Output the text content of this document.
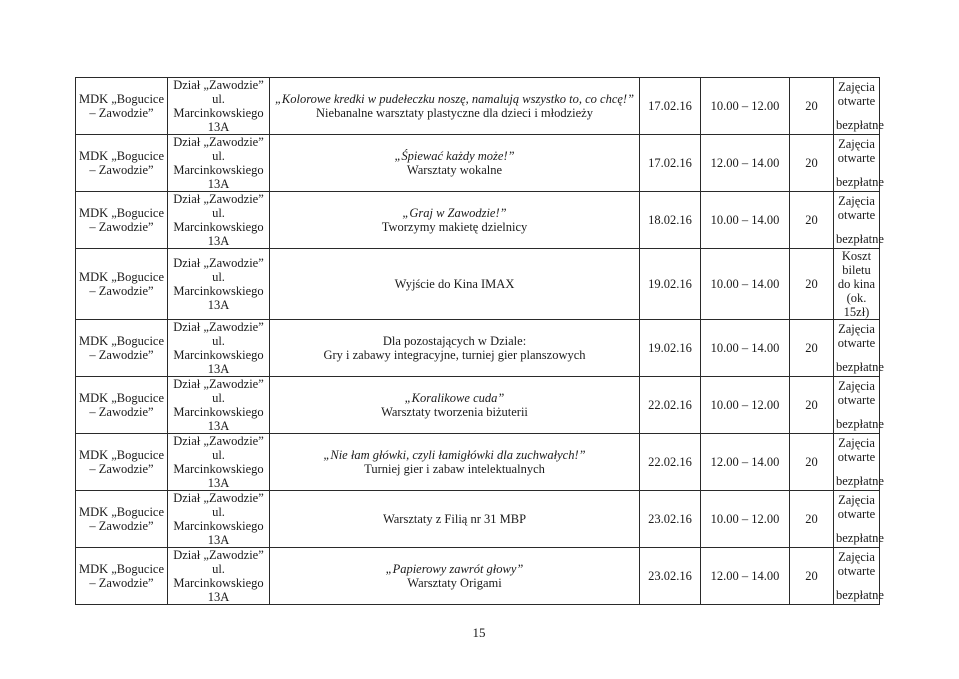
MDK „Bogucice – Zawodzie”	Dział „Zawodzie”
ul. Marcinkowskiego
13A	„Kolorowe kredki w pudełeczku noszę, namalują wszystko to, co chcę!”
Niebanalne warsztaty plastyczne dla dzieci i młodzieży	17.02.16	10.00 – 12.00	20	Zajęcia
otwarte
bezpłatne

MDK „Bogucice – Zawodzie”	Dział „Zawodzie”
ul. Marcinkowskiego
13A	„Śpiewać każdy może!”
Warsztaty wokalne	17.02.16	12.00 – 14.00	20	Zajęcia
otwarte
bezpłatne

MDK „Bogucice – Zawodzie”	Dział „Zawodzie”
ul. Marcinkowskiego
13A	„Graj w Zawodzie!”
Tworzymy makietę dzielnicy	18.02.16	10.00 – 14.00	20	Zajęcia
otwarte
bezpłatne

MDK „Bogucice – Zawodzie”	Dział „Zawodzie”
ul. Marcinkowskiego
13A	Wyjście do Kina IMAX	19.02.16	10.00 – 14.00	20	Koszt
biletu do kina
(ok. 15zł)

MDK „Bogucice – Zawodzie”	Dział „Zawodzie”
ul. Marcinkowskiego
13A	Dla pozostających w Dziale:
Gry i zabawy integracyjne, turniej gier planszowych	19.02.16	10.00 – 14.00	20	Zajęcia
otwarte
bezpłatne

MDK „Bogucice – Zawodzie”	Dział „Zawodzie”
ul. Marcinkowskiego
13A	„Koralikowe cuda”
Warsztaty tworzenia biżuterii	22.02.16	10.00 – 12.00	20	Zajęcia
otwarte
bezpłatne

MDK „Bogucice – Zawodzie”	Dział „Zawodzie”
ul. Marcinkowskiego
13A	„Nie łam główki, czyli łamigłówki dla zuchwałych!”
Turniej gier i zabaw intelektualnych	22.02.16	12.00 – 14.00	20	Zajęcia
otwarte
bezpłatne

MDK „Bogucice – Zawodzie”	Dział „Zawodzie”
ul. Marcinkowskiego
13A	Warsztaty z Filią nr 31 MBP	23.02.16	10.00 – 12.00	20	Zajęcia
otwarte
bezpłatne

MDK „Bogucice – Zawodzie”	Dział „Zawodzie”
ul. Marcinkowskiego
13A	„Papierowy zawrót głowy”
Warsztaty Origami	23.02.16	12.00 – 14.00	20	Zajęcia
otwarte
bezpłatne
15
